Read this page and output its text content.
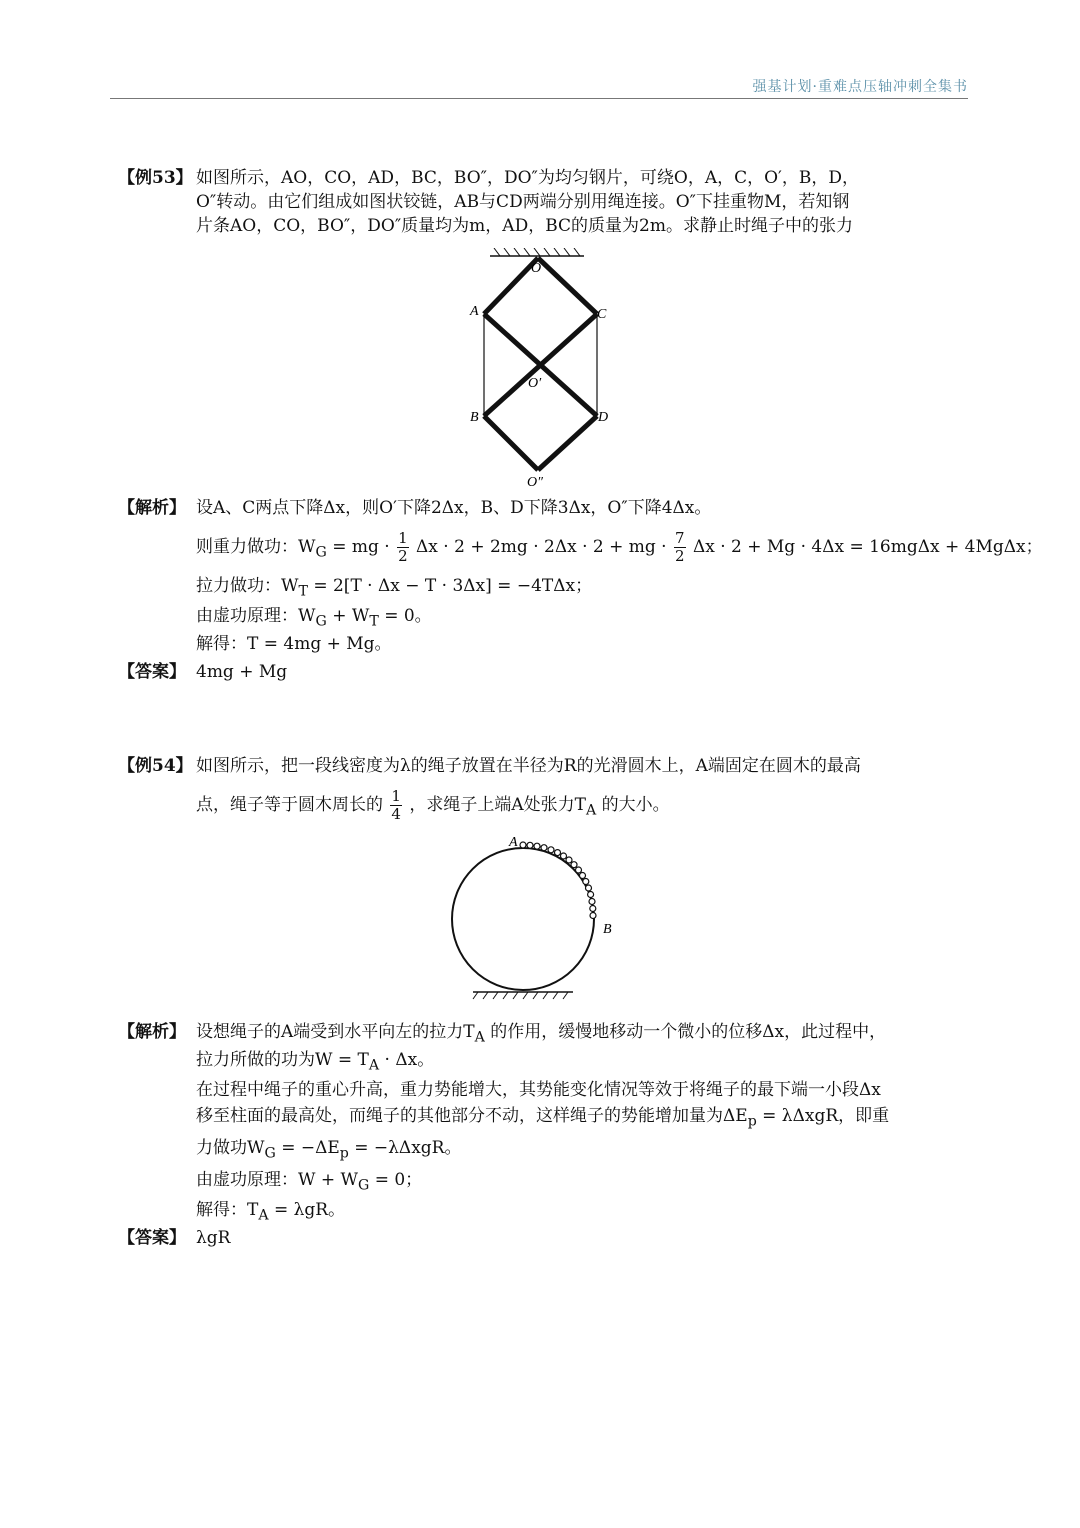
强基计划·重难点压轴冲刺全集书
【例53】 如图所示，AO，CO，AD，BC，BO″，DO″为均匀钢片，可绕O，A，C，O′，B，D，
O″转动。由它们组成如图状铰链，AB与CD两端分别用绳连接。O″下挂重物M，若知钢
片条AO，CO，BO″，DO″质量均为m，AD，BC的质量为2m。求静止时绳子中的张力
O
A	C
O′
B	D
O″
【解析】 设A、C两点下降Δx，则O′下降2Δx，B、D下降3Δx，O″下降4Δx。
则重力做功：$W_G$ = mg · $\frac{1}{2}$ Δx · 2 + 2mg · 2Δx · 2 + mg · $\frac{7}{2}$ Δx · 2 + Mg · 4Δx = 16mgΔx + 4MgΔx；
拉力做功：$W_T = 2[T \cdot \Delta x - T \cdot 3\Delta x] = -4T\Delta x$；
由虚功原理：$W_G + W_T = 0$。
解得：T = 4mg + Mg。
【答案】 4mg + Mg
【例54】 如图所示，把一段线密度为λ的绳子放置在半径为R的光滑圆木上，A端固定在圆木的最高
点，绳子等于圆木周长的 $\frac{1}{4}$ ，求绳子上端A处张力$T_A$ 的大小。
A
B
【解析】 设想绳子的A端受到水平向左的拉力$T_A$ 的作用，缓慢地移动一个微小的位移Δx，此过程中，
拉力所做的功为$W = T_A \cdot \Delta x$。
在过程中绳子的重心升高，重力势能增大，其势能变化情况等效于将绳子的最下端一小段Δx
移至柱面的最高处，而绳子的其他部分不动，这样绳子的势能增加量为$\Delta E_p = \lambda\Delta xgR$，即重
力做功$W_G = -\Delta E_p = -\lambda\Delta xgR$。
由虚功原理：$W + W_G = 0$；
解得：$T_A = \lambda gR$。
【答案】 λgR
